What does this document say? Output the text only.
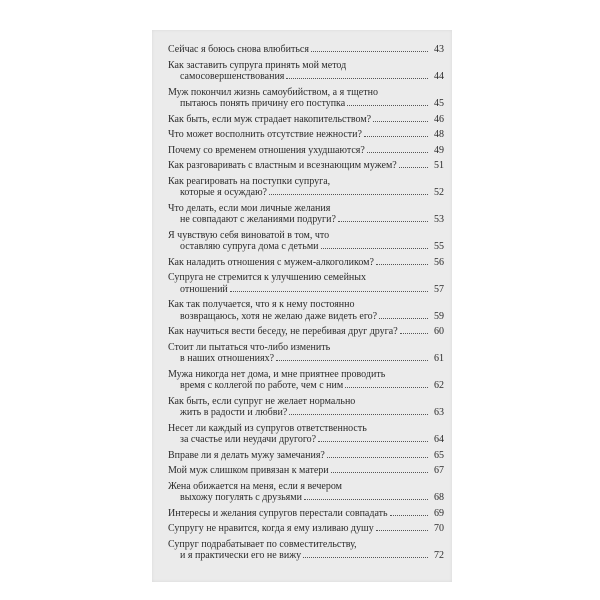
Сейчас я боюсь снова влюбиться	43
Как заставить супруга принять мой метод
самосовершенствования	44
Муж покончил жизнь самоубийством, а я тщетно
пытаюсь понять причину его поступка	45
Как быть, если муж страдает накопительством?	46
Что может восполнить отсутствие нежности?	48
Почему со временем отношения ухудшаются?	49
Как разговаривать с властным и всезнающим мужем?	51
Как реагировать на поступки супруга,
которые я осуждаю?	52
Что делать, если мои личные желания
не совпадают с желаниями подруги?	53
Я чувствую себя виноватой в том, что
оставляю супруга дома с детьми	55
Как наладить отношения с мужем-алкоголиком?	56
Супруга не стремится к улучшению семейных
отношений	57
Как так получается, что я к нему постоянно
возвращаюсь, хотя не желаю даже видеть его?	59
Как научиться вести беседу, не перебивая друг друга?	60
Стоит ли пытаться что-либо изменить
в наших отношениях?	61
Мужа никогда нет дома, и мне приятнее проводить
время с коллегой по работе, чем с ним	62
Как быть, если супруг не желает нормально
жить в радости и любви?	63
Несет ли каждый из супругов ответственность
за счастье или неудачи другого?	64
Вправе ли я делать мужу замечания?	65
Мой муж слишком привязан к матери	67
Жена обижается на меня, если я вечером
выхожу погулять с друзьями	68
Интересы и желания супругов перестали совпадать	69
Супругу не нравится, когда я ему изливаю душу	70
Супруг подрабатывает по совместительству,
и я практически его не вижу	72
